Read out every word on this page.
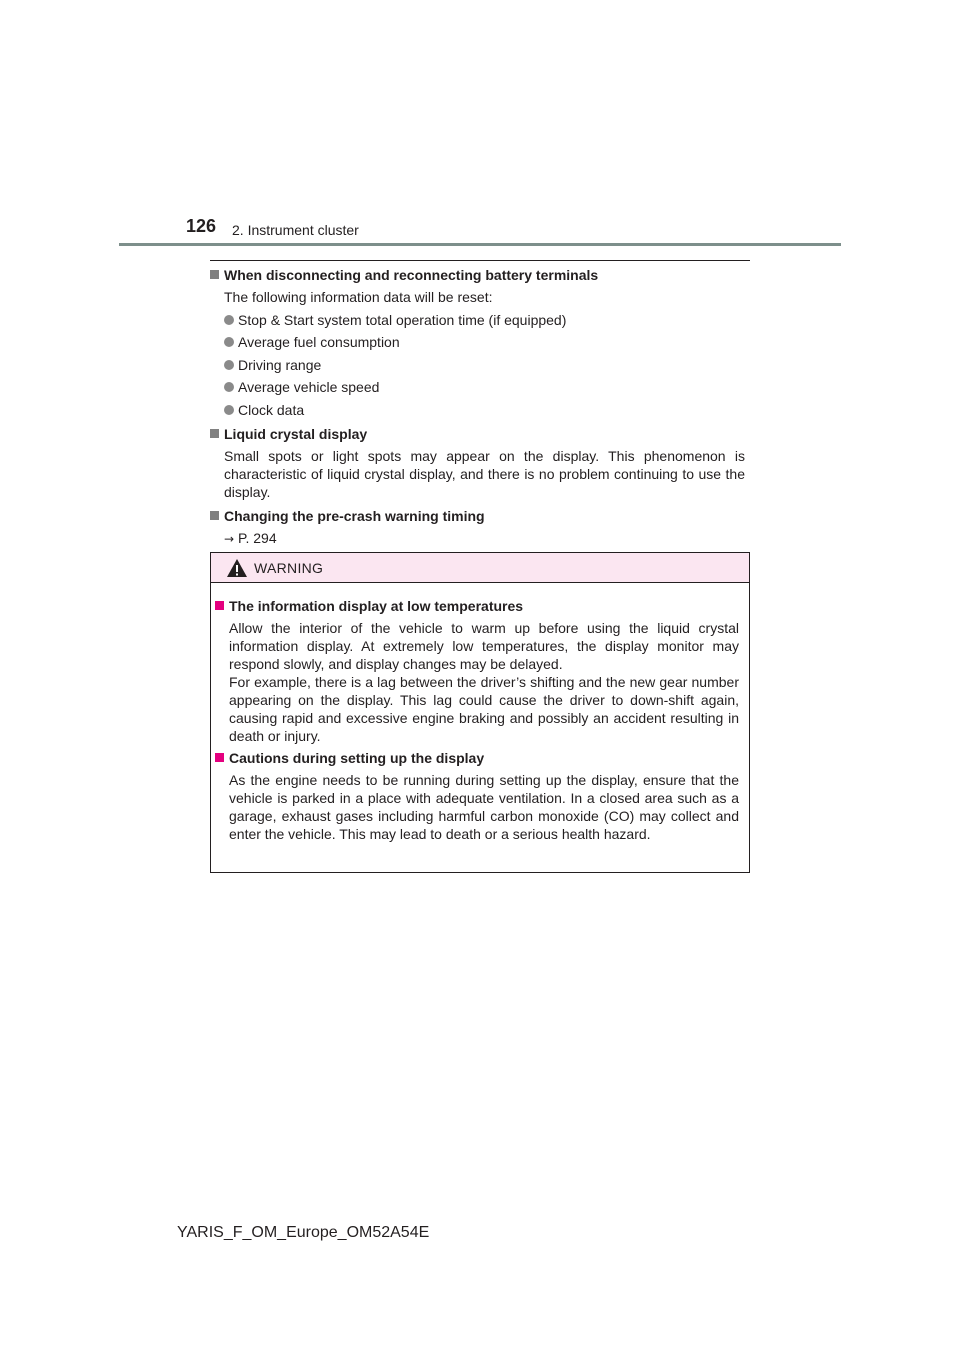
126 2. Instrument cluster

When disconnecting and reconnecting battery terminals

The following information data will be reset:

Stop & Start system total operation time (if equipped)
Average fuel consumption
Driving range
Average vehicle speed
Clock data

Liquid crystal display

Small spots or light spots may appear on the display. This phenomenon is characteristic of liquid crystal display, and there is no problem continuing to use the display.

Changing the pre-crash warning timing

→ P. 294

WARNING

The information display at low temperatures

Allow the interior of the vehicle to warm up before using the liquid crystal information display. At extremely low temperatures, the display monitor may respond slowly, and display changes may be delayed.
For example, there is a lag between the driver’s shifting and the new gear number appearing on the display. This lag could cause the driver to down-shift again, causing rapid and excessive engine braking and possibly an accident resulting in death or injury.

Cautions during setting up the display

As the engine needs to be running during setting up the display, ensure that the vehicle is parked in a place with adequate ventilation. In a closed area such as a garage, exhaust gases including harmful carbon monoxide (CO) may collect and enter the vehicle. This may lead to death or a serious health hazard.

YARIS_F_OM_Europe_OM52A54E
